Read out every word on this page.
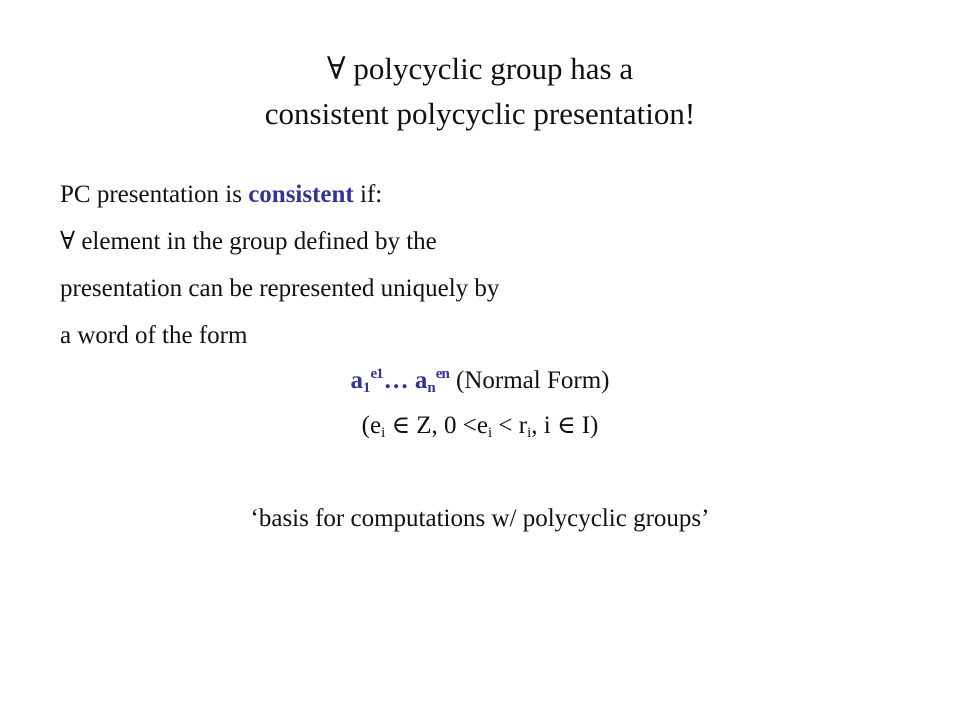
∀ polycyclic group has a
consistent polycyclic presentation!
PC presentation is consistent if:
∀ element in the group defined by the
presentation can be represented uniquely by
a word of the form
$a_1^{e1}\dots$ $a_n^{en}$ (Normal Form)
($e_i$ ∈ Z, $0 <e_i < r_i$, i ∈ I)
‘basis for computations w/ polycyclic groups’
